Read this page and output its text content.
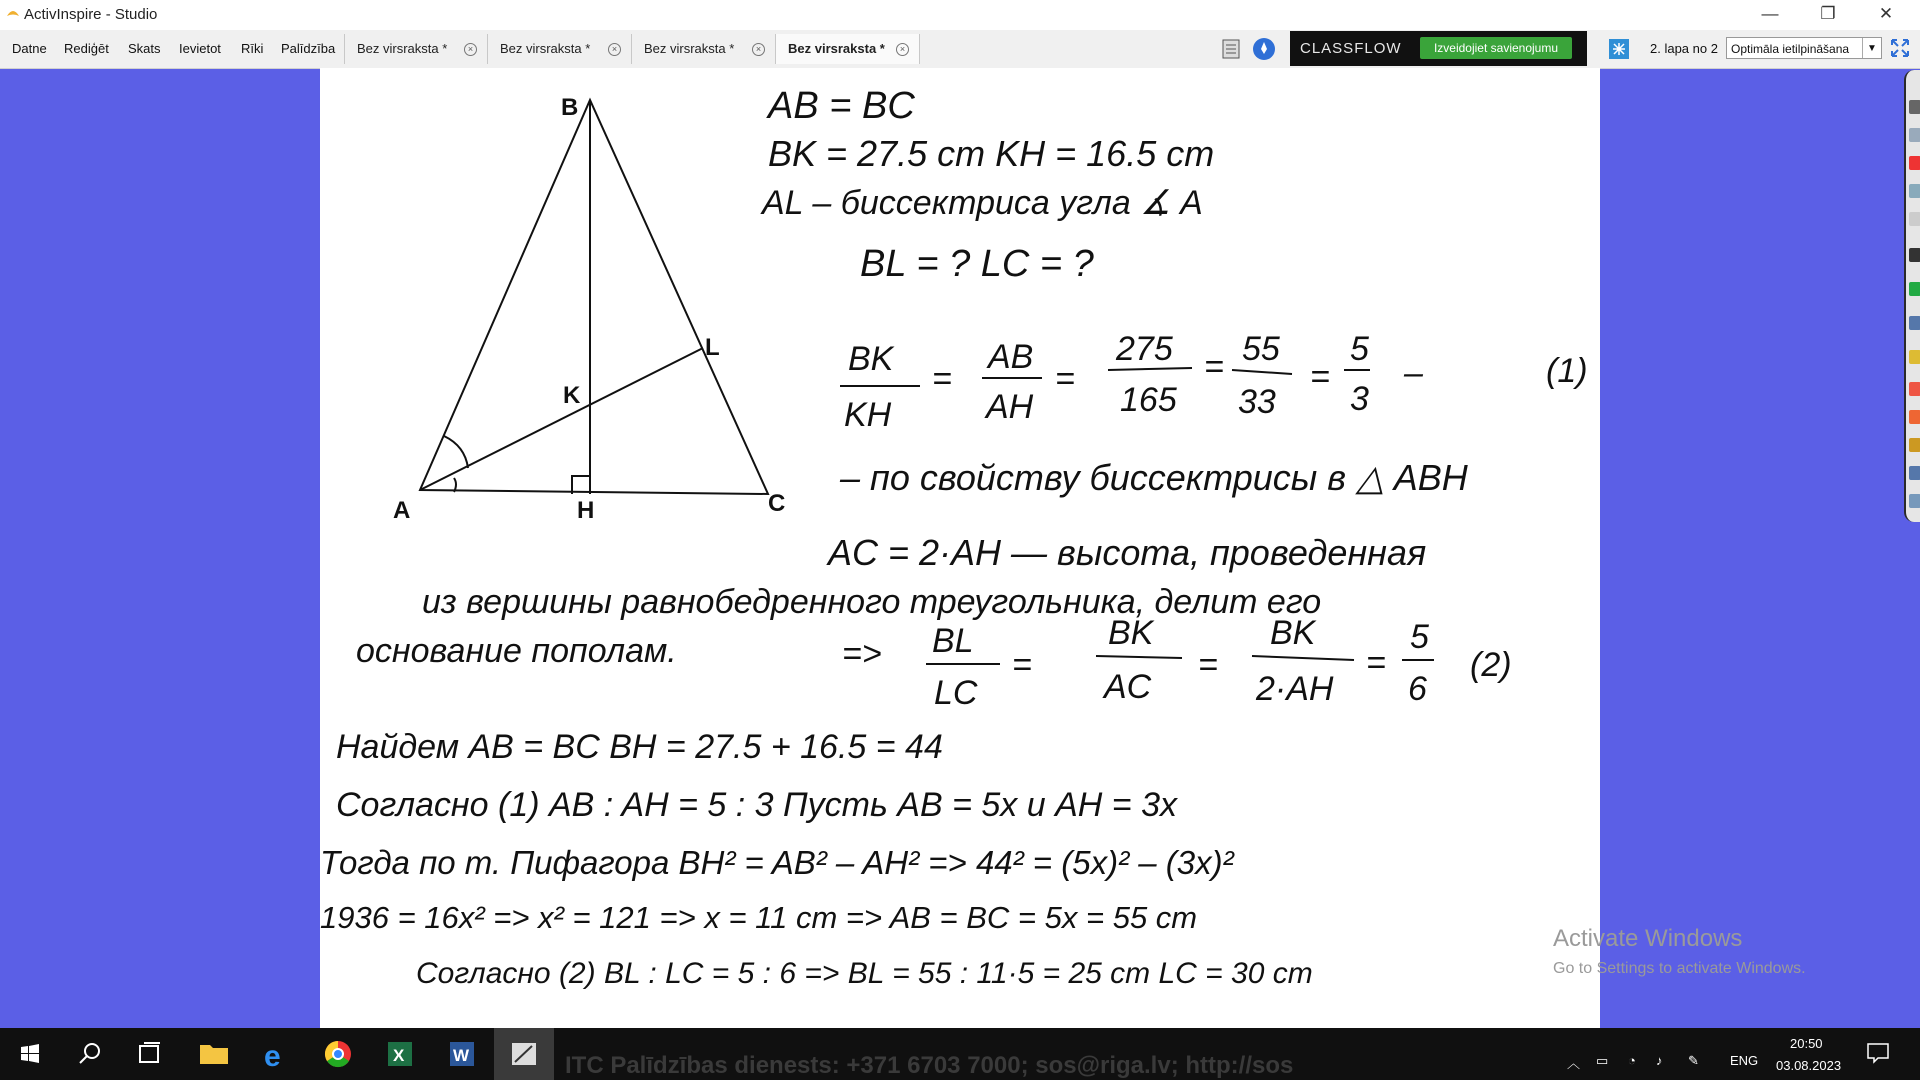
ActivInspire - Studio	—	❐	✕
Datne Rediģēt Skats Ievietot Rīki Palīdzība	Bez virsraksta *	×	Bez virsraksta *	×	Bez virsraksta *	×	Bez virsraksta *	×	CLASSFLOW	Izveidojiet savienojumu	2. lapa no 2	Optimāla ietilpināšana	▼
B
L
K
A	H	C
AB = BC
BK = 27.5 cm KH = 16.5 cm
AL – биссектриса угла ∡ A
BL = ? LC = ?
BK
KH
=
AB
AH
=
275
165
= 55
33
=
5
3
–	(1)
– по свойству биссектрисы в △ ABH
AC = 2·AH — высота, проведенная
из вершины равнобедренного треугольника, делит его
основание пополам.	=> BL
LC
=
BK
AC
=
BK
2·AH
=
5
6
(2)
Найдем AB = BC BH = 27.5 + 16.5 = 44
Согласно (1) AB : AH = 5 : 3 Пусть AB = 5x и AH = 3x
Тогда по т. Пифагора BH² = AB² – AH² => 44² = (5x)² – (3x)²
1936 = 16x² => x² = 121 => x = 11 cm => AB = BC = 5x = 55 cm
Согласно (2) BL : LC = 5 : 6 => BL = 55 : 11·5 = 25 cm LC = 30 cm
Activate Windows
Go to Settings to activate Windows.
e	X	W	ITC Palīdzības dienests: +371 6703 7000; sos@riga.lv; http://sos	︿ ▭ ◔ ♪ ✎ ENG
20:50
03.08.2023
